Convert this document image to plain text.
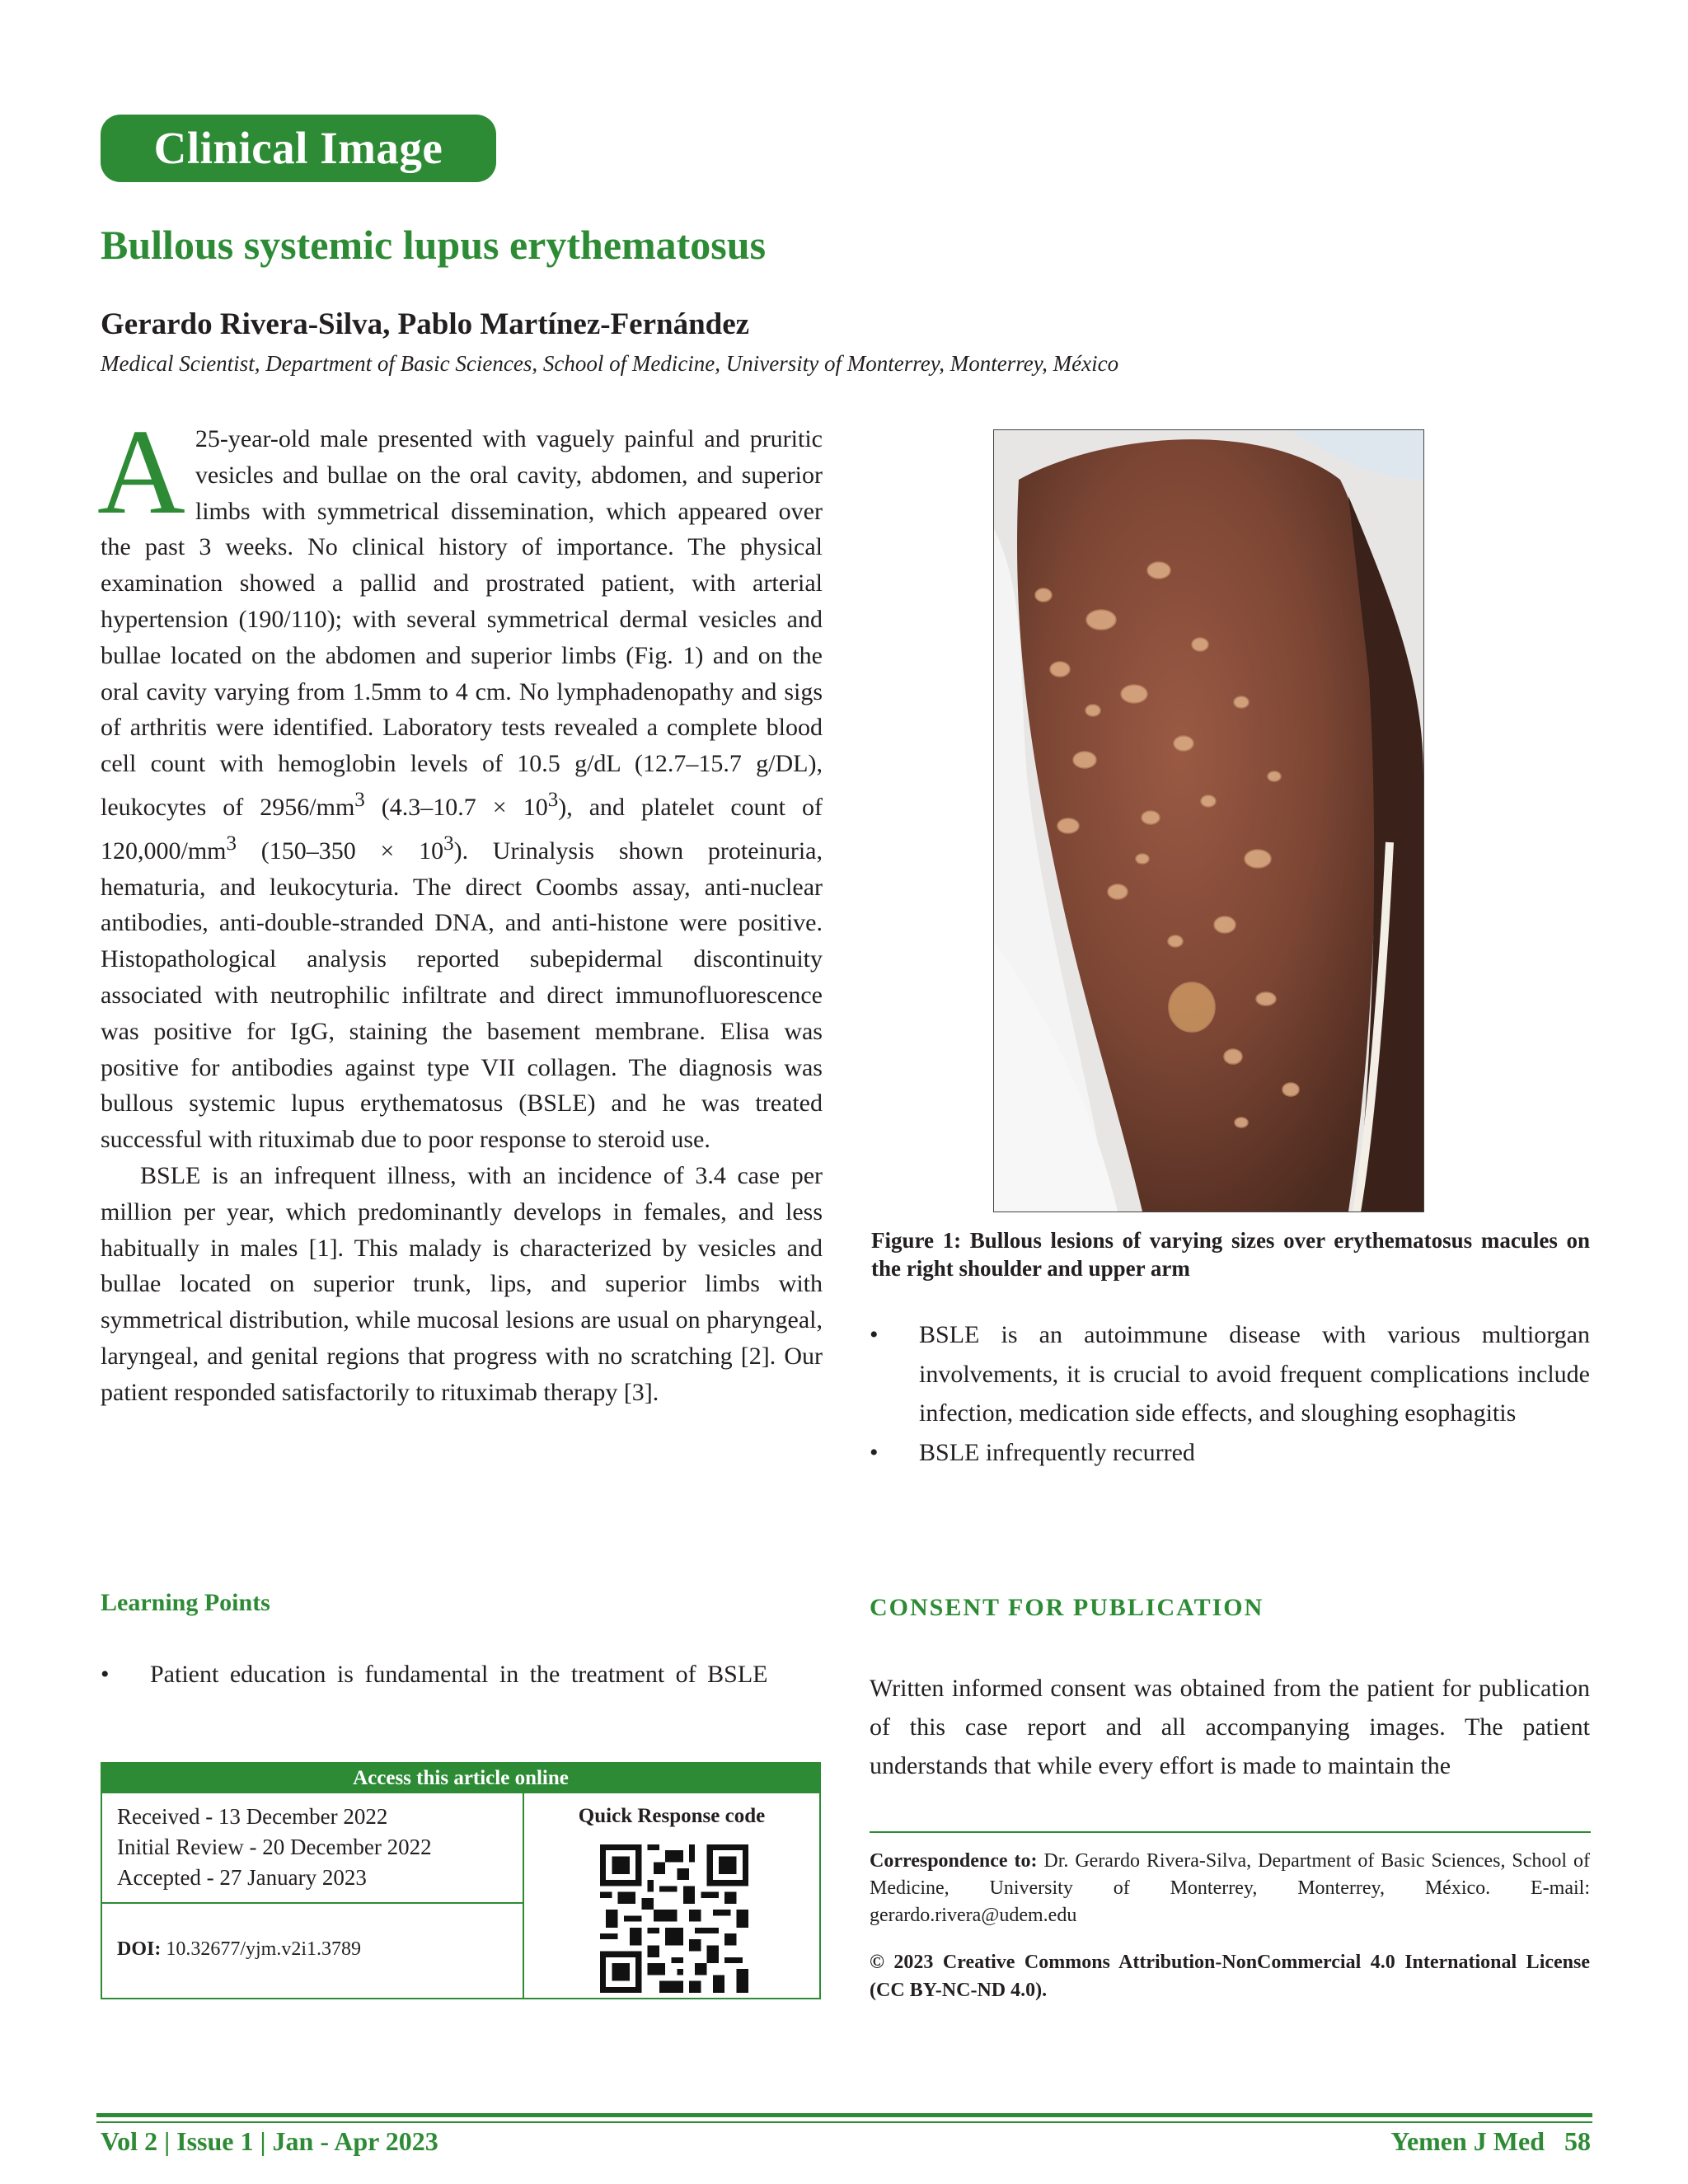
Clinical Image
Bullous systemic lupus erythematosus
Gerardo Rivera-Silva, Pablo Martínez-Fernández
Medical Scientist, Department of Basic Sciences, School of Medicine, University of Monterrey, Monterrey, México

A 25-year-old male presented with vaguely painful and pruritic vesicles and bullae on the oral cavity, abdomen, and superior limbs with symmetrical dissemination, which appeared over the past 3 weeks. No clinical history of importance. The physical examination showed a pallid and prostrated patient, with arterial hypertension (190/110); with several symmetrical dermal vesicles and bullae located on the abdomen and superior limbs (Fig. 1) and on the oral cavity varying from 1.5mm to 4 cm. No lymphadenopathy and sigs of arthritis were identified. Laboratory tests revealed a complete blood cell count with hemoglobin levels of 10.5 g/dL (12.7–15.7 g/DL), leukocytes of $2956/mm^3$ $(4.3-10.7 \times 10^3)$, and platelet count of $120,000/mm^3$ $(150-350 \times 10^3)$. Urinalysis shown proteinuria, hematuria, and leukocyturia. The direct Coombs assay, anti-nuclear antibodies, anti-double-stranded DNA, and anti-histone were positive. Histopathological analysis reported subepidermal discontinuity associated with neutrophilic infiltrate and direct immunofluorescence was positive for IgG, staining the basement membrane. Elisa was positive for antibodies against type VII collagen. The diagnosis was bullous systemic lupus erythematosus (BSLE) and he was treated successful with rituximab due to poor response to steroid use.

BSLE is an infrequent illness, with an incidence of 3.4 case per million per year, which predominantly develops in females, and less habitually in males [1]. This malady is characterized by vesicles and bullae located on superior trunk, lips, and superior limbs with symmetrical distribution, while mucosal lesions are usual on pharyngeal, laryngeal, and genital regions that progress with no scratching [2]. Our patient responded satisfactorily to rituximab therapy [3].

Figure 1: Bullous lesions of varying sizes over erythematosus macules on the right shoulder and upper arm
• BSLE is an autoimmune disease with various multiorgan involvements, it is crucial to avoid frequent complications include infection, medication side effects, and sloughing esophagitis
• BSLE infrequently recurred
Learning Points
• Patient education is fundamental in the treatment of BSLE
CONSENT FOR PUBLICATION
Written informed consent was obtained from the patient for publication of this case report and all accompanying images. The patient understands that while every effort is made to maintain the
Correspondence to: Dr. Gerardo Rivera-Silva, Department of Basic Sciences, School of Medicine, University of Monterrey, Monterrey, México. E-mail: gerardo.rivera@udem.edu
© 2023 Creative Commons Attribution-NonCommercial 4.0 International License (CC BY-NC-ND 4.0).
Access this article online
Received - 13 December 2022
Initial Review - 20 December 2022
Accepted - 27 January 2023
DOI: 10.32677/yjm.v2i1.3789
Quick Response code
Vol 2 | Issue 1 | Jan - Apr 2023	Yemen J Med 58
